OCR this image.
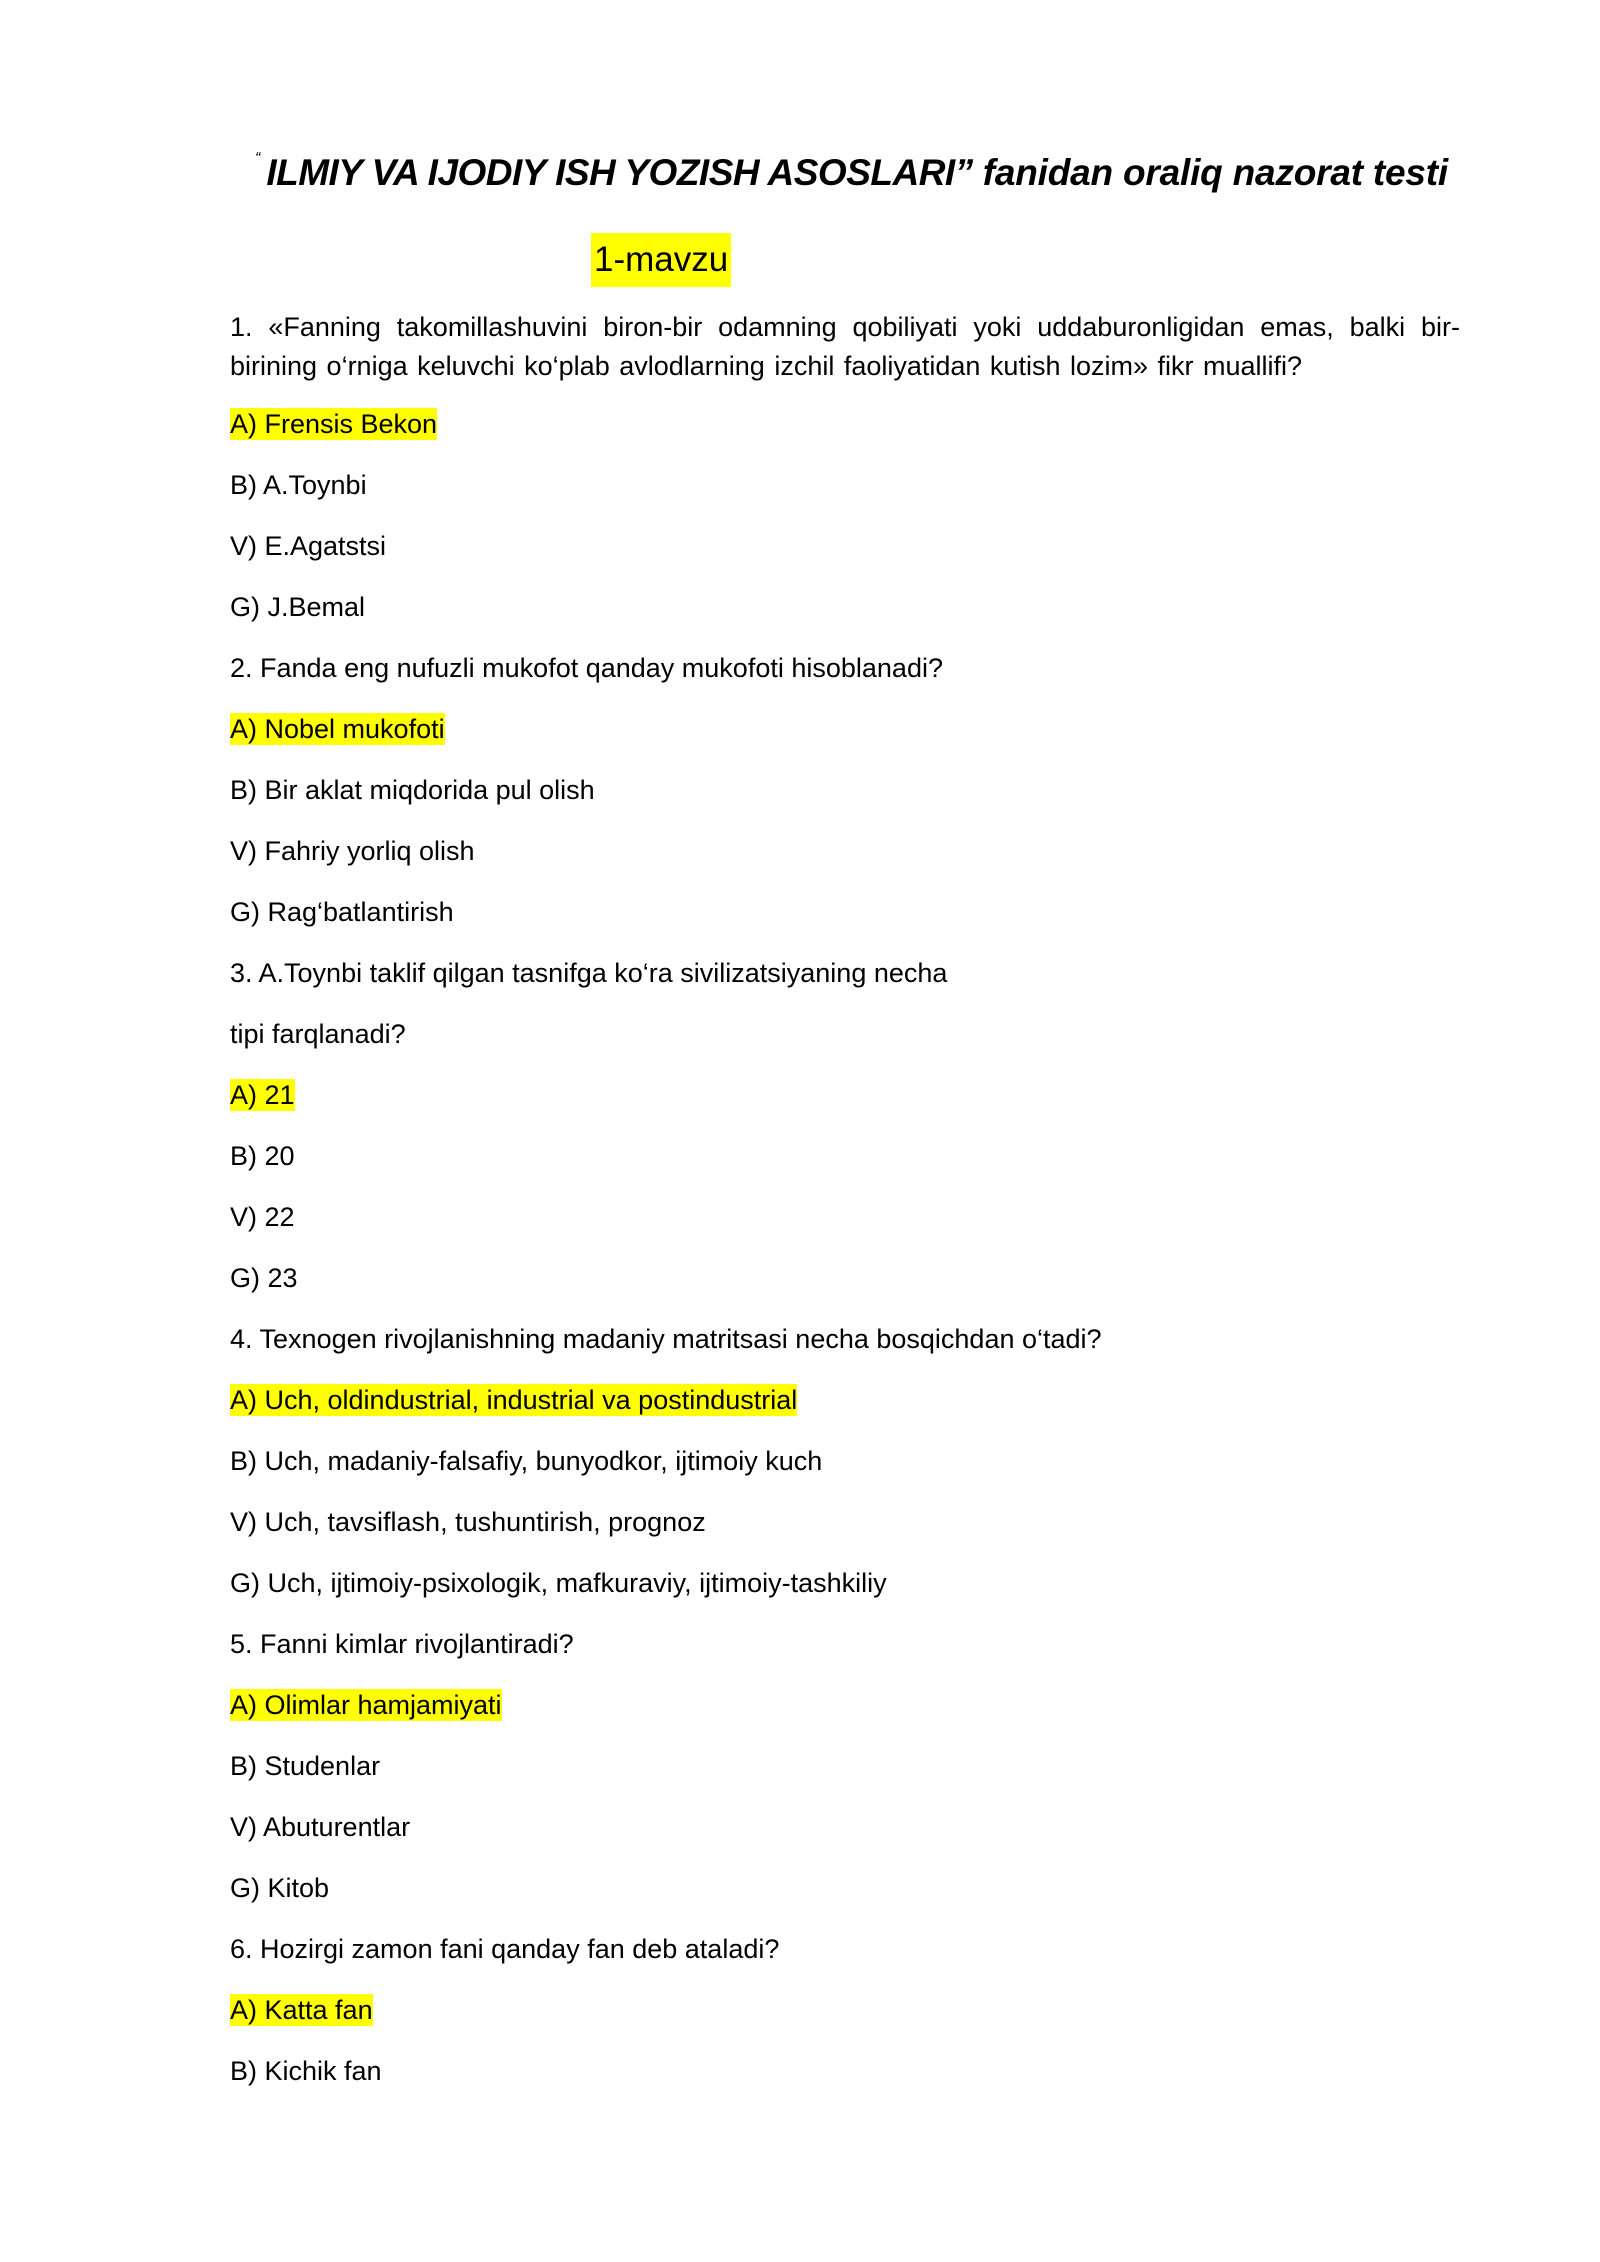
“ ILMIY VA IJODIY ISH YOZISH ASOSLARI” fanidan oraliq nazorat testi
1-mavzu
1. «Fanning takomillashuvini biron-bir odamning qobiliyati yoki uddaburonligidan emas, balki bir-birining o‘rniga keluvchi ko‘plab avlodlarning izchil faoliyatidan kutish lozim» fikr muallifi?
A) Frensis Bekon
B) A.Toynbi
V) E.Agatstsi
G) J.Bemal
2. Fanda eng nufuzli mukofot qanday mukofoti hisoblanadi?
A) Nobel mukofoti
B) Bir aklat miqdorida pul olish
V) Fahriy yorliq olish
G) Rag‘batlantirish
3. A.Toynbi taklif qilgan tasnifga ko‘ra sivilizatsiyaning necha
tipi farqlanadi?
A) 21
B) 20
V) 22
G) 23
4. Texnogen rivojlanishning madaniy matritsasi necha bosqichdan o‘tadi?
A) Uch, oldindustrial, industrial va postindustrial
B) Uch, madaniy-falsafiy, bunyodkor, ijtimoiy kuch
V) Uch, tavsiflash, tushuntirish, prognoz
G) Uch, ijtimoiy-psixologik, mafkuraviy, ijtimoiy-tashkiliy
5. Fanni kimlar rivojlantiradi?
A) Olimlar hamjamiyati
B) Studenlar
V) Abuturentlar
G) Kitob
6. Hozirgi zamon fani qanday fan deb ataladi?
A) Katta fan
B) Kichik fan
